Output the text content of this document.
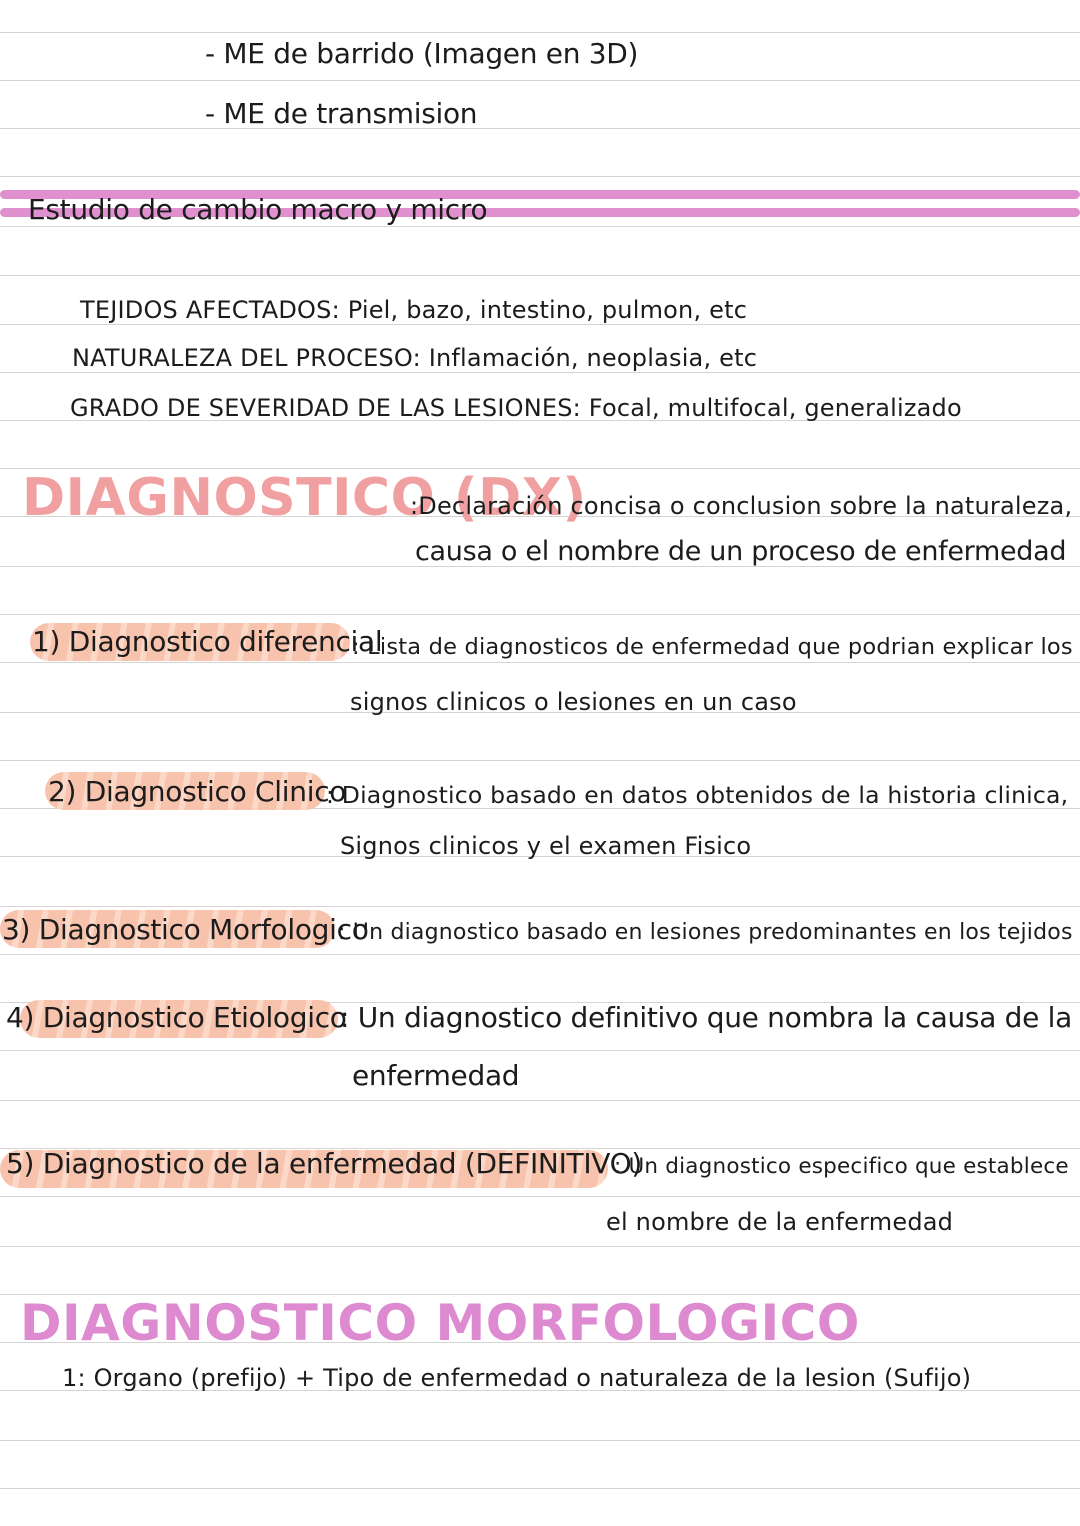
- ME de barrido (Imagen en 3D)
- ME de transmision
Estudio de cambio macro y micro
TEJIDOS AFECTADOS: Piel, bazo, intestino, pulmon, etc
NATURALEZA DEL PROCESO: Inflamación, neoplasia, etc
GRADO DE SEVERIDAD DE LAS LESIONES: Focal, multifocal, generalizado
DIAGNOSTICO (DX)
:Declaración concisa o conclusion sobre la naturaleza,
causa o el nombre de un proceso de enfermedad
1) Diagnostico diferencial
: Lista de diagnosticos de enfermedad que podrian explicar los
signos clinicos o lesiones en un caso
2) Diagnostico Clinico
: Diagnostico basado en datos obtenidos de la historia clinica,
Signos clinicos y el examen Fisico
3) Diagnostico Morfologico
: Un diagnostico basado en lesiones predominantes en los tejidos
4) Diagnostico Etiologico
: Un diagnostico definitivo que nombra la causa de la
enfermedad
5) Diagnostico de la enfermedad (DEFINITIVO)
: Un diagnostico especifico que establece
el nombre de la enfermedad
DIAGNOSTICO MORFOLOGICO
1: Organo (prefijo) + Tipo de enfermedad o naturaleza de la lesion (Sufijo)
